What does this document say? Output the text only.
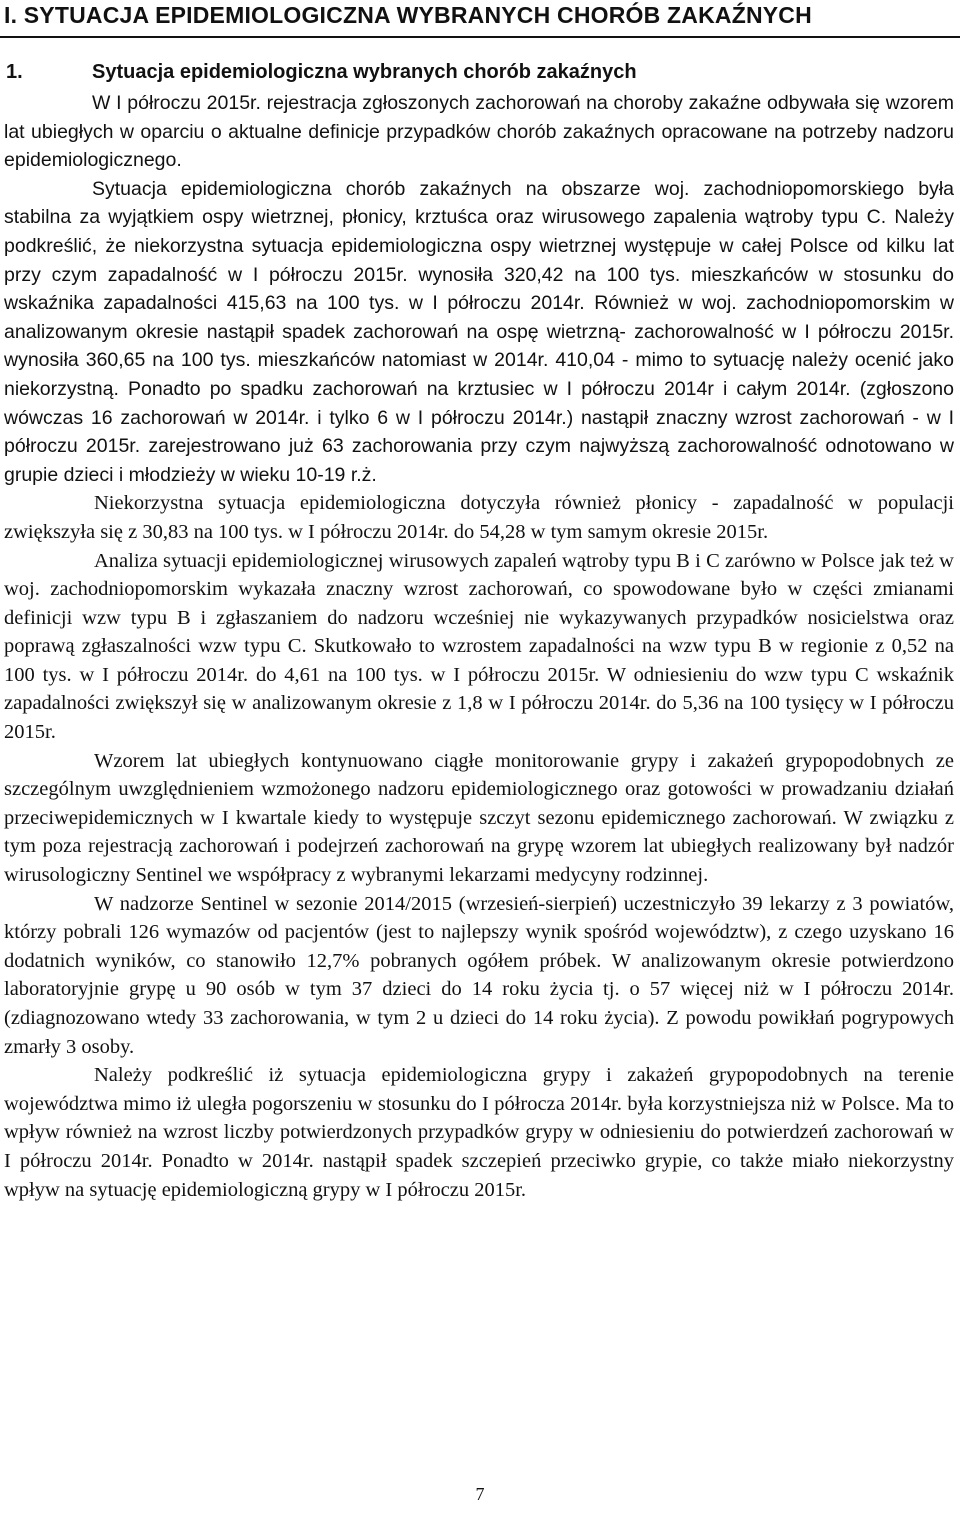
I. SYTUACJA EPIDEMIOLOGICZNA WYBRANYCH CHORÓB ZAKAŹNYCH
1.	Sytuacja epidemiologiczna wybranych chorób zakaźnych

W I półroczu 2015r. rejestracja zgłoszonych zachorowań na choroby zakaźne odbywała się wzorem lat ubiegłych w oparciu o aktualne definicje przypadków chorób zakaźnych opracowane na potrzeby nadzoru epidemiologicznego.

Sytuacja epidemiologiczna chorób zakaźnych na obszarze woj. zachodniopomorskiego była stabilna za wyjątkiem ospy wietrznej, płonicy, krztuśca oraz wirusowego zapalenia wątroby typu C. Należy podkreślić, że niekorzystna sytuacja epidemiologiczna ospy wietrznej występuje w całej Polsce od kilku lat przy czym zapadalność w I półroczu 2015r. wynosiła 320,42 na 100 tys. mieszkańców w stosunku do wskaźnika zapadalności 415,63 na 100 tys. w I półroczu 2014r. Również w woj. zachodniopomorskim w analizowanym okresie nastąpił spadek zachorowań na ospę wietrzną- zachorowalność w I półroczu 2015r. wynosiła 360,65 na 100 tys. mieszkańców natomiast w 2014r. 410,04 - mimo to sytuację należy ocenić jako niekorzystną. Ponadto po spadku zachorowań na krztusiec w I półroczu 2014r i całym 2014r. (zgłoszono wówczas 16 zachorowań w 2014r. i tylko 6 w I półroczu 2014r.) nastąpił znaczny wzrost zachorowań - w I półroczu 2015r. zarejestrowano już 63 zachorowania przy czym najwyższą zachorowalność odnotowano w grupie dzieci i młodzieży w wieku 10-19 r.ż.

Niekorzystna sytuacja epidemiologiczna dotyczyła również płonicy - zapadalność w populacji zwiększyła się z 30,83 na 100 tys. w I półroczu 2014r. do 54,28 w tym samym okresie 2015r.

Analiza sytuacji epidemiologicznej wirusowych zapaleń wątroby typu B i C zarówno w Polsce jak też w woj. zachodniopomorskim wykazała znaczny wzrost zachorowań, co spowodowane było w części zmianami definicji wzw typu B i zgłaszaniem do nadzoru wcześniej nie wykazywanych przypadków nosicielstwa oraz poprawą zgłaszalności wzw typu C. Skutkowało to wzrostem zapadalności na wzw typu B w regionie z 0,52 na 100 tys. w I półroczu 2014r. do 4,61 na 100 tys. w I półroczu 2015r. W odniesieniu do wzw typu C wskaźnik zapadalności zwiększył się w analizowanym okresie z 1,8 w I półroczu 2014r. do 5,36 na 100 tysięcy w I półroczu 2015r.

Wzorem lat ubiegłych kontynuowano ciągłe monitorowanie grypy i zakażeń grypopodobnych ze szczególnym uwzględnieniem wzmożonego nadzoru epidemiologicznego oraz gotowości w prowadzaniu działań przeciwepidemicznych w I kwartale kiedy to występuje szczyt sezonu epidemicznego zachorowań. W związku z tym poza rejestracją zachorowań i podejrzeń zachorowań na grypę wzorem lat ubiegłych realizowany był nadzór wirusologiczny Sentinel we współpracy z wybranymi lekarzami medycyny rodzinnej.

W nadzorze Sentinel w sezonie 2014/2015 (wrzesień-sierpień) uczestniczyło 39 lekarzy z 3 powiatów, którzy pobrali 126 wymazów od pacjentów (jest to najlepszy wynik spośród województw), z czego uzyskano 16 dodatnich wyników, co stanowiło 12,7% pobranych ogółem próbek. W analizowanym okresie potwierdzono laboratoryjnie grypę u 90 osób w tym 37 dzieci do 14 roku życia tj. o 57 więcej niż w I półroczu 2014r. (zdiagnozowano wtedy 33 zachorowania, w tym 2 u dzieci do 14 roku życia). Z powodu powikłań pogrypowych zmarły 3 osoby.

Należy podkreślić iż sytuacja epidemiologiczna grypy i zakażeń grypopodobnych na terenie województwa mimo iż uległa pogorszeniu w stosunku do I półrocza 2014r. była korzystniejsza niż w Polsce. Ma to wpływ również na wzrost liczby potwierdzonych przypadków grypy w odniesieniu do potwierdzeń zachorowań w I półroczu 2014r. Ponadto w 2014r. nastąpił spadek szczepień przeciwko grypie, co także miało niekorzystny wpływ na sytuację epidemiologiczną grypy w I półroczu 2015r.

7
